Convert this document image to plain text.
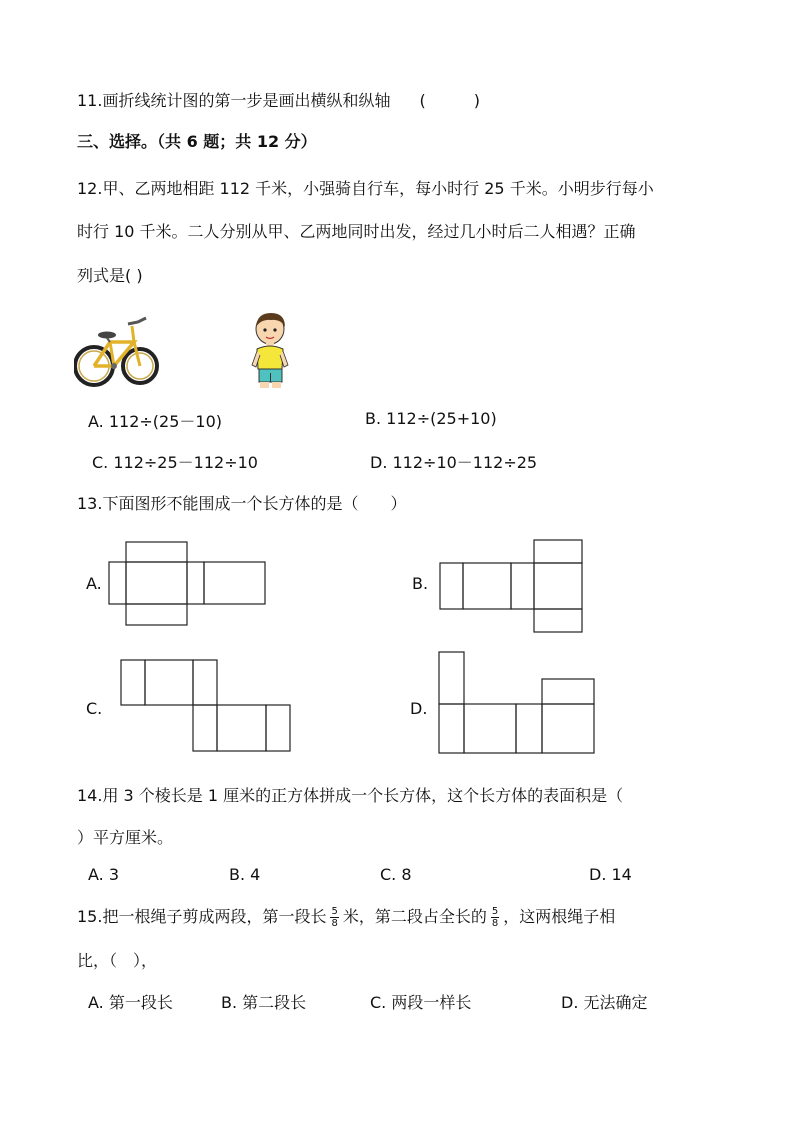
11.画折线统计图的第一步是画出横纵和纵轴 (　　　)
三、选择。（共 6 题；共 12 分）
12.甲、乙两地相距 112 千米，小强骑自行车，每小时行 25 千米。小明步行每小
时行 10 千米。二人分别从甲、乙两地同时出发，经过几小时后二人相遇？正确
列式是( )
A. 112÷(25－10)	B. 112÷(25+10)
C. 112÷25－112÷10	D. 112÷10－112÷25
13.下面图形不能围成一个长方体的是（　　）
A.	B.
C.	D.
14.用 3 个棱长是 1 厘米的正方体拼成一个长方体，这个长方体的表面积是（
）平方厘米。
A. 3	B. 4	C. 8	D. 14
15.把一根绳子剪成两段，第一段长 $\frac{5}{8}$ 米，第二段占全长的 $\frac{5}{8}$ ，这两根绳子相
比，（　），
A. 第一段长	B. 第二段长	C. 两段一样长	D. 无法确定
